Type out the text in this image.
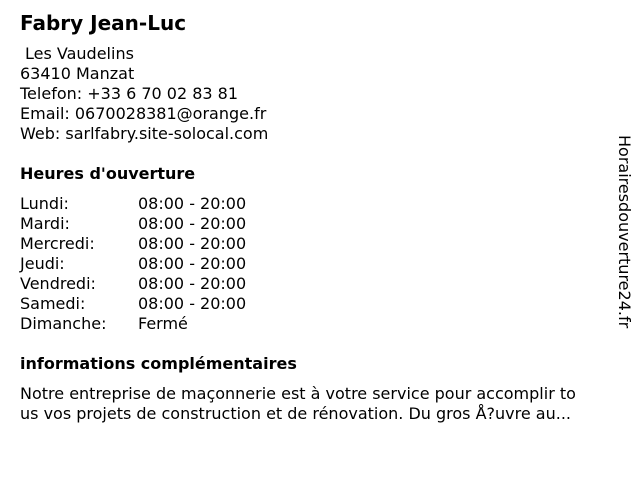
Fabry Jean-Luc
Les Vaudelins
63410 Manzat
Telefon: +33 6 70 02 83 81
Email: 0670028381@orange.fr
Web: sarlfabry.site-solocal.com
Heures d'ouverture
Lundi:	08:00 - 20:00
Mardi:	08:00 - 20:00
Mercredi:	08:00 - 20:00
Jeudi:	08:00 - 20:00
Vendredi:	08:00 - 20:00
Samedi:	08:00 - 20:00
Dimanche: Fermé
informations complémentaires
Notre entreprise de maçonnerie est à votre service pour accomplir to
us vos projets de construction et de rénovation. Du gros Å?uvre au...
Horairesdouverture24.fr
